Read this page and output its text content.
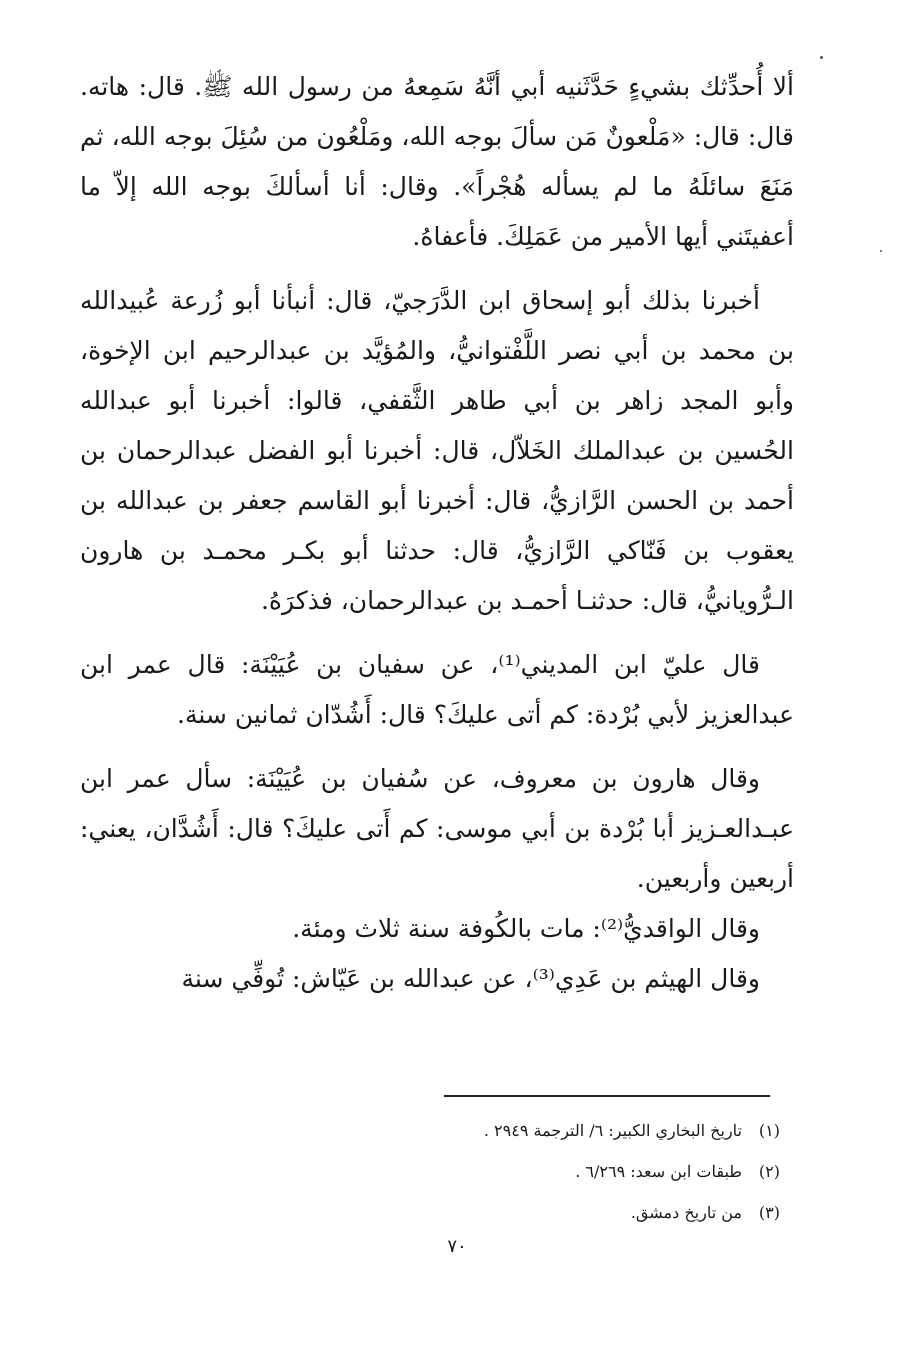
ألا أُحدِّثك بشيءٍ حَدَّثَنيه أبي أنَّهُ سَمِعهُ من رسول الله ﷺ. قال: هاته. قال: قال: «مَلْعونٌ مَن سألَ بوجه الله، ومَلْعُون من سُئِلَ بوجه الله، ثم مَنَعَ سائلَهُ ما لم يسأله هُجْراً». وقال: أنا أسألكَ بوجه الله إلاّ ما أعفيتَني أيها الأمير من عَمَلِكَ. فأعفاهُ.

أخبرنا بذلك أبو إسحاق ابن الدَّرَجيّ، قال: أنبأنا أبو زُرعة عُبيدالله بن محمد بن أبي نصر اللَّفْتوانيُّ، والمُؤيَّد بن عبدالرحيم ابن الإخوة، وأبو المجد زاهر بن أبي طاهر الثَّقفي، قالوا: أخبرنا أبو عبدالله الحُسين بن عبدالملك الخَلاّل، قال: أخبرنا أبو الفضل عبدالرحمان بن أحمد بن الحسن الرَّازيُّ، قال: أخبرنا أبو القاسم جعفر بن عبدالله بن يعقوب بن فَنّاكي الرَّازيُّ، قال: حدثنا أبو بكـر محمـد بن هارون الـرُّويانيُّ، قال: حدثنـا أحمـد بن عبدالرحمان، فذكرَهُ.

قال عليّ ابن المديني⁽¹⁾، عن سفيان بن عُيَيْنَة: قال عمر ابن عبدالعزيز لأبي بُرْدة: كم أتى عليكَ؟ قال: أَشُدّان ثمانين سنة.

وقال هارون بن معروف، عن سُفيان بن عُيَيْنَة: سأل عمر ابن عبـدالعـزيز أبا بُرْدة بن أبي موسى: كم أَتى عليكَ؟ قال: أَشُدَّان، يعني: أربعين وأربعين.

وقال الواقديُّ⁽²⁾: مات بالكُوفة سنة ثلاث ومئة.

وقال الهيثم بن عَدِي⁽³⁾، عن عبدالله بن عَيّاش: تُوفِّي سنة

(١)
تاريخ البخاري الكبير: ٦/ الترجمة ٢٩٤٩ .

(٢)
طبقات ابن سعد: ٦/٢٦٩ .

(٣)
من تاريخ دمشق.

٧٠
